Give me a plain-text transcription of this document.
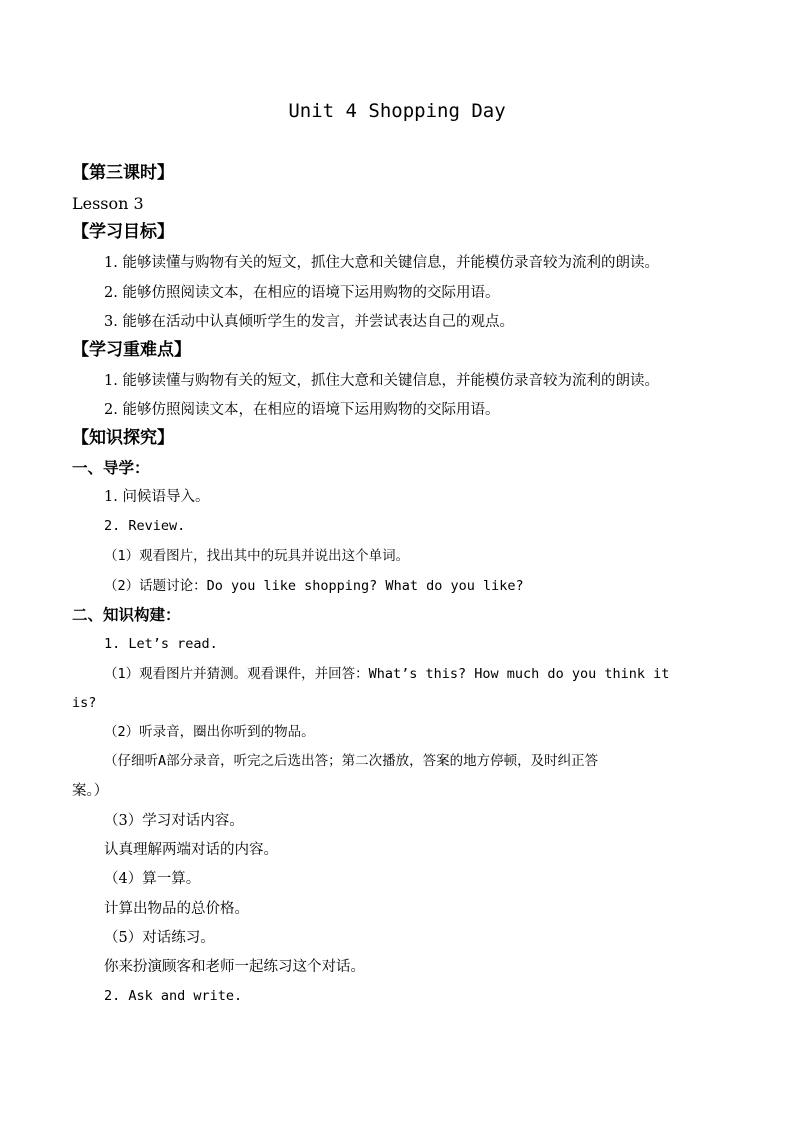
Unit 4 Shopping Day
【第三课时】
Lesson 3
【学习目标】
1. 能够读懂与购物有关的短文，抓住大意和关键信息，并能模仿录音较为流利的朗读。
2. 能够仿照阅读文本，在相应的语境下运用购物的交际用语。
3. 能够在活动中认真倾听学生的发言，并尝试表达自己的观点。
【学习重难点】
1. 能够读懂与购物有关的短文，抓住大意和关键信息，并能模仿录音较为流利的朗读。
2. 能够仿照阅读文本，在相应的语境下运用购物的交际用语。
【知识探究】
一、导学：
1. 问候语导入。
2. Review.
（1）观看图片，找出其中的玩具并说出这个单词。
（2）话题讨论：Do you like shopping? What do you like?
二、知识构建：
1. Let’s read.
（1）观看图片并猜测。观看课件，并回答：What’s this? How much do you think it
is?
（2）听录音，圈出你听到的物品。
（仔细听A部分录音，听完之后选出答；第二次播放，答案的地方停顿，及时纠正答
案。）
（3）学习对话内容。
认真理解两端对话的内容。
（4）算一算。
计算出物品的总价格。
（5）对话练习。
你来扮演顾客和老师一起练习这个对话。
2. Ask and write.
